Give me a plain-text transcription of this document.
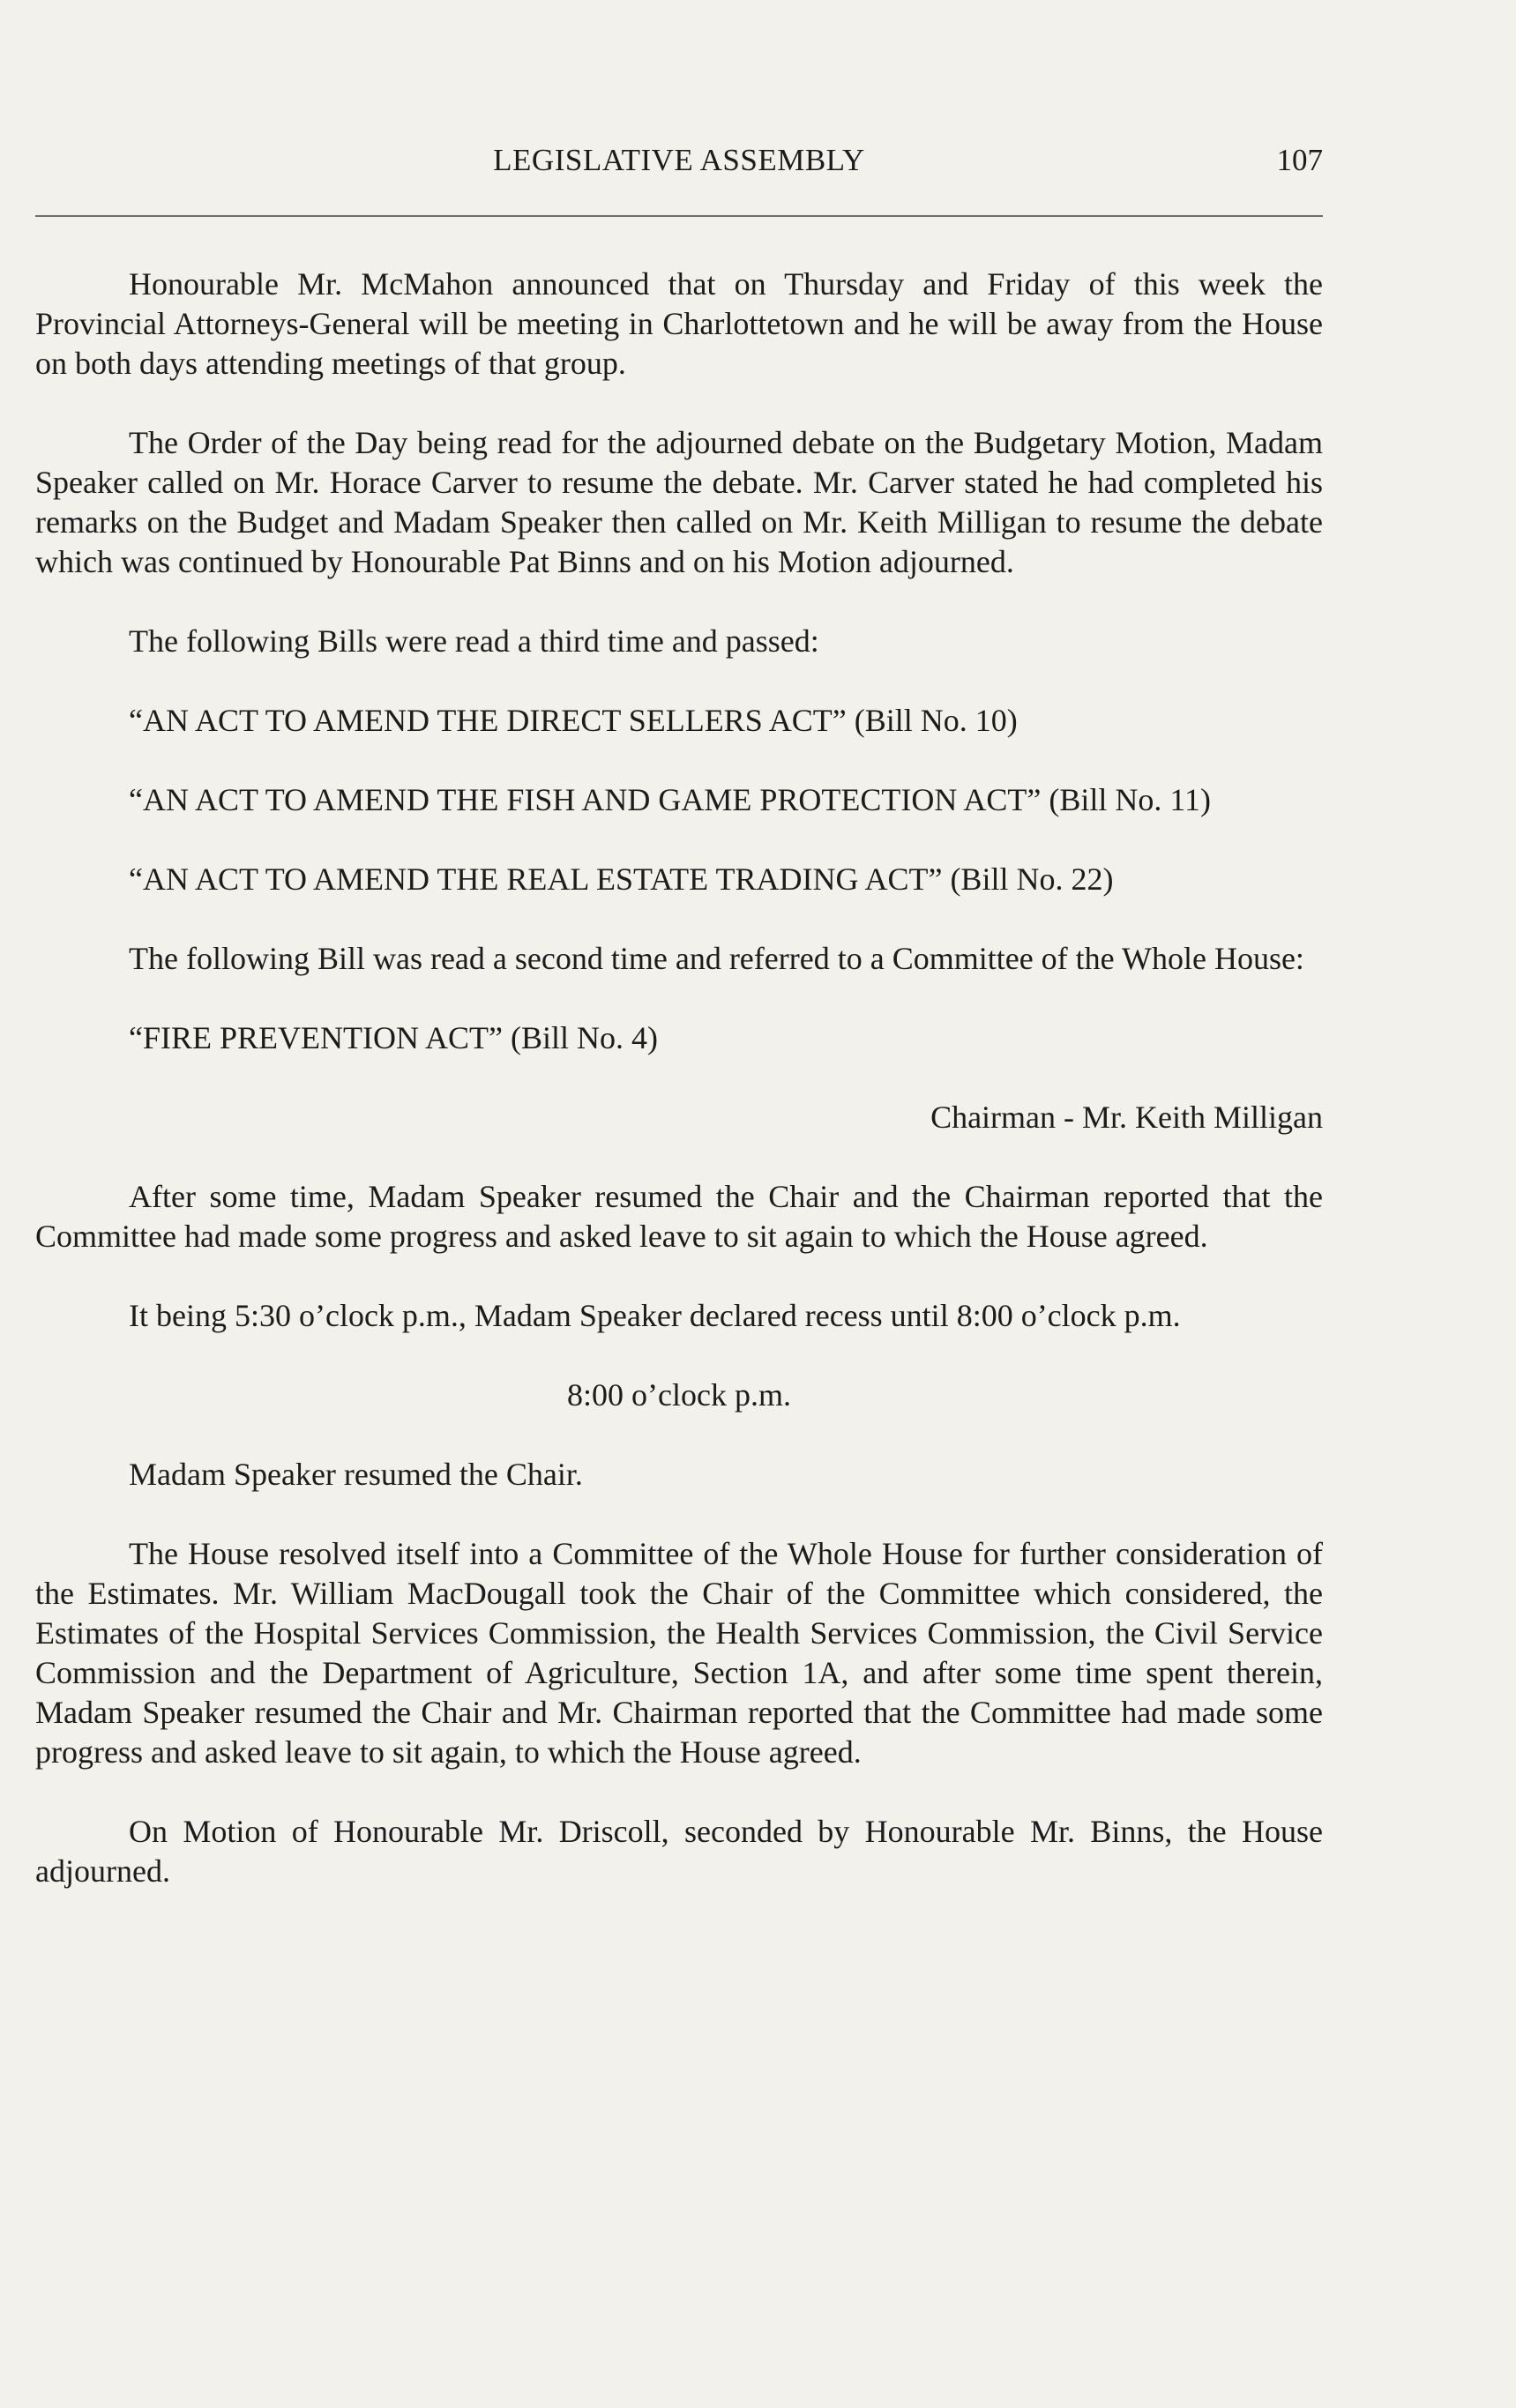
LEGISLATIVE ASSEMBLY	107

Honourable Mr. McMahon announced that on Thursday and Friday of this week the Provincial Attorneys-General will be meeting in Charlottetown and he will be away from the House on both days attending meetings of that group.

The Order of the Day being read for the adjourned debate on the Budgetary Motion, Madam Speaker called on Mr. Horace Carver to resume the debate. Mr. Carver stated he had completed his remarks on the Budget and Madam Speaker then called on Mr. Keith Milligan to resume the debate which was continued by Honourable Pat Binns and on his Motion adjourned.

The following Bills were read a third time and passed:

“AN ACT TO AMEND THE DIRECT SELLERS ACT” (Bill No. 10)

“AN ACT TO AMEND THE FISH AND GAME PROTECTION ACT” (Bill No. 11)

“AN ACT TO AMEND THE REAL ESTATE TRADING ACT” (Bill No. 22)

The following Bill was read a second time and referred to a Committee of the Whole House:

“FIRE PREVENTION ACT” (Bill No. 4)

Chairman - Mr. Keith Milligan

After some time, Madam Speaker resumed the Chair and the Chairman reported that the Committee had made some progress and asked leave to sit again to which the House agreed.

It being 5:30 o’clock p.m., Madam Speaker declared recess until 8:00 o’clock p.m.

8:00 o’clock p.m.

Madam Speaker resumed the Chair.

The House resolved itself into a Committee of the Whole House for further consideration of the Estimates. Mr. William MacDougall took the Chair of the Committee which considered, the Estimates of the Hospital Services Commission, the Health Services Commission, the Civil Service Commission and the Department of Agriculture, Section 1A, and after some time spent therein, Madam Speaker resumed the Chair and Mr. Chairman reported that the Committee had made some progress and asked leave to sit again, to which the House agreed.

On Motion of Honourable Mr. Driscoll, seconded by Honourable Mr. Binns, the House adjourned.
